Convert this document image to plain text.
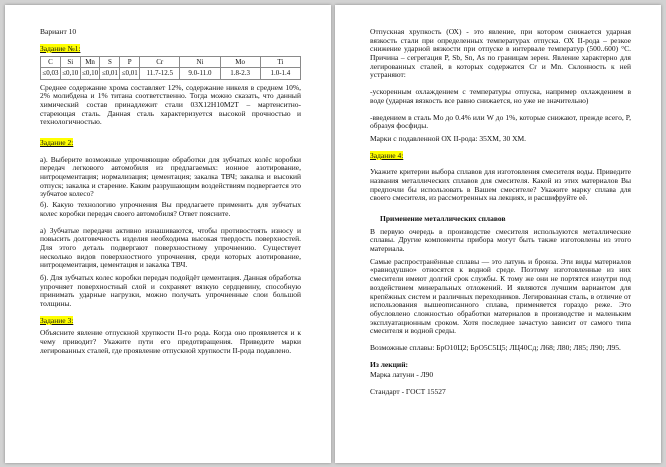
Вариант 10

Задание №1:

C	Si	Mn	S	P	Cr	Ni	Mo	Ti
≤0,03	≤0,10	≤0,10	≤0,01	≤0,01	11.7-12.5	9.0-11.0	1.8-2.3	1.0-1.4

Среднее содержание хрома составляет 12%, содержание никеля в среднем 10%, 2% молибдена и 1% титана соответственно. Тогда можно сказать, что данный химический состав принадлежит стали 03Х12Н10М2Т – мартенситно-стареющая сталь. Данная сталь характеризуется высокой прочностью и технологичностью.

Задание 2:

а). Выберите возможные упрочняющие обработки для зубчатых колёс коробки передач легкового автомобиля из предлагаемых: ионное азотирование, нитроцементация; нормализация; цементация; закалка ТВЧ; закалка и высокий отпуск; закалка и старение. Каким разрушающим воздействиям подвергается это зубчатое колесо?

б). Какую технологию упрочнения Вы предлагаете применить для зубчатых колес коробки передач своего автомобиля? Ответ поясните.

а) Зубчатые передачи активно изнашиваются, чтобы противостоять износу и повысить долговечность изделия необходима высокая твердость поверхностей. Для этого деталь подвергают поверхностному упрочнению. Существует несколько видов поверхностного упрочнения, среди которых азотирование, нитроцементация, цементация и закалка ТВЧ.

б). Для зубчатых колес коробки передач подойдёт цементация. Данная обработка упрочняет поверхностный слой и сохраняет вязкую сердцевину, способную принимать ударные нагрузки, можно получать упрочненные слои большой толщины.

Задание 3:

Объясните явление отпускной хрупкости II-го рода. Когда оно проявляется и к чему приводит? Укажите пути его предотвращения. Приведите марки легированных сталей, где проявление отпускной хрупкости II-рода подавлено.

Отпускная хрупкость (ОХ) - это явление, при котором снижается ударная вязкость стали при определенных температурах отпуска. ОХ II-рода – резкое снижение ударной вязкости при отпуске в интервале температур (500..600) °С. Причина – сегрегация P, Sb, Sn, As по границам зерен. Явление характерно для легированных сталей, в которых содержатся Cr и Mn. Склонность к ней устраняют:

-ускоренным охлаждением с температуры отпуска, например охлаждением в воде (ударная вязкость все равно снижается, но уже не значительно)

-введением в сталь Mo до 0.4% или W до 1%, которые снижают, прежде всего, P, образуя фосфиды.

Марки с подавленной ОХ II-рода: 35ХМ, 30 ХМ.

Задание 4:

Укажите критерии выбора сплавов для изготовления смесителя воды. Приведите названия металлических сплавов для смесителя. Какой из этих материалов Вы предпочли бы использовать в Вашем смесителе? Укажите марку сплава для своего смесителя, из рассмотренных на лекциях, и расшифруйте её.

Применение металлических сплавов

В первую очередь в производстве смесителя используются металлические сплавы. Другие компоненты прибора могут быть также изготовлены из этого материала.

Самые распространённые сплавы — это латунь и бронза. Эти виды материалов «равнодушно» относятся к водной среде. Поэтому изготовленные из них смесители имеют долгий срок службы. К тому же они не портятся изнутри под воздействием минеральных отложений. И являются лучшим вариантом для крепёжных систем и различных переходников. Легированная сталь, в отличие от использования вышеописанного сплава, применяется гораздо реже. Это обусловлено сложностью обработки материалов в производстве и маленьким эксплуатационным сроком. Хотя последнее зачастую зависит от самого типа смесителя и водной среды.

Возможные сплавы: БрО10Ц2; БрО5С5Ц5; ЛЦ40Сд; Л68; Л80; Л85; Л90; Л95.

Из лекций:

Марка латуни - Л90

Стандарт - ГОСТ 15527
